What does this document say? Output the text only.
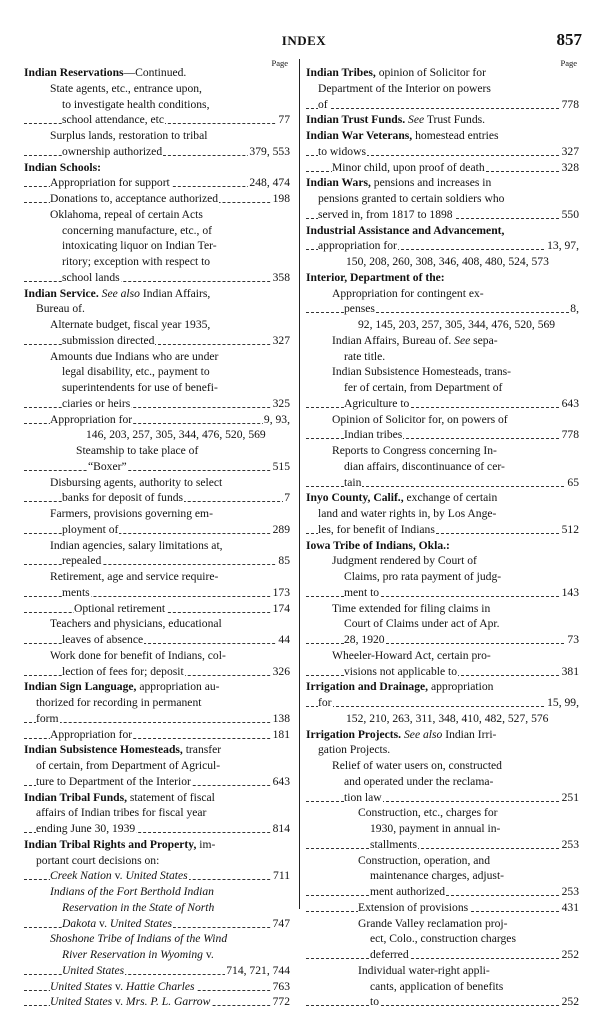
INDEX	857
Page
Indian Reservations—Continued.
State agents, etc., entrance upon,
to investigate health conditions,
school attendance, etc	77
Surplus lands, restoration to tribal
ownership authorized	379, 553
Indian Schools:
Appropriation for support	248, 474
Donations to, acceptance authorized	198
Oklahoma, repeal of certain Acts
concerning manufacture, etc., of
intoxicating liquor on Indian Ter-
ritory; exception with respect to
school lands	358
Indian Service. See also Indian Affairs,
Bureau of.
Alternate budget, fiscal year 1935,
submission directed	327
Amounts due Indians who are under
legal disability, etc., payment to
superintendents for use of benefi-
ciaries or heirs	325
Appropriation for	9, 93,
146, 203, 257, 305, 344, 476, 520, 569
Steamship to take place of
“Boxer”	515
Disbursing agents, authority to select
banks for deposit of funds	7
Farmers, provisions governing em-
ployment of	289
Indian agencies, salary limitations at,
repealed	85
Retirement, age and service require-
ments	173
Optional retirement	174
Teachers and physicians, educational
leaves of absence	44
Work done for benefit of Indians, col-
lection of fees for; deposit	326
Indian Sign Language, appropriation au-
thorized for recording in permanent
form	138
Appropriation for	181
Indian Subsistence Homesteads, transfer
of certain, from Department of Agricul-
ture to Department of the Interior	643
Indian Tribal Funds, statement of fiscal
affairs of Indian tribes for fiscal year
ending June 30, 1939	814
Indian Tribal Rights and Property, im-
portant court decisions on:
Creek Nation v. United States	711
Indians of the Fort Berthold Indian
Reservation in the State of North
Dakota v. United States	747
Shoshone Tribe of Indians of the Wind
River Reservation in Wyoming v.
United States	714, 721, 744
United States v. Hattie Charles	763
United States v. Mrs. P. L. Garrow	772
Page
Indian Tribes, opinion of Solicitor for
Department of the Interior on powers
of	778
Indian Trust Funds. See Trust Funds.
Indian War Veterans, homestead entries
to widows	327
Minor child, upon proof of death	328
Indian Wars, pensions and increases in
pensions granted to certain soldiers who
served in, from 1817 to 1898	550
Industrial Assistance and Advancement,
appropriation for	13, 97,
150, 208, 260, 308, 346, 408, 480, 524, 573
Interior, Department of the:
Appropriation for contingent ex-
penses	8,
92, 145, 203, 257, 305, 344, 476, 520, 569
Indian Affairs, Bureau of. See sepa-
rate title.
Indian Subsistence Homesteads, trans-
fer of certain, from Department of
Agriculture to	643
Opinion of Solicitor for, on powers of
Indian tribes	778
Reports to Congress concerning In-
dian affairs, discontinuance of cer-
tain	65
Inyo County, Calif., exchange of certain
land and water rights in, by Los Ange-
les, for benefit of Indians	512
Iowa Tribe of Indians, Okla.:
Judgment rendered by Court of
Claims, pro rata payment of judg-
ment to	143
Time extended for filing claims in
Court of Claims under act of Apr.
28, 1920	73
Wheeler-Howard Act, certain pro-
visions not applicable to	381
Irrigation and Drainage, appropriation
for	15, 99,
152, 210, 263, 311, 348, 410, 482, 527, 576
Irrigation Projects. See also Indian Irri-
gation Projects.
Relief of water users on, constructed
and operated under the reclama-
tion law	251
Construction, etc., charges for
1930, payment in annual in-
stallments	253
Construction, operation, and
maintenance charges, adjust-
ment authorized	253
Extension of provisions	431
Grande Valley reclamation proj-
ect, Colo., construction charges
deferred	252
Individual water-right appli-
cants, application of benefits
to	252
